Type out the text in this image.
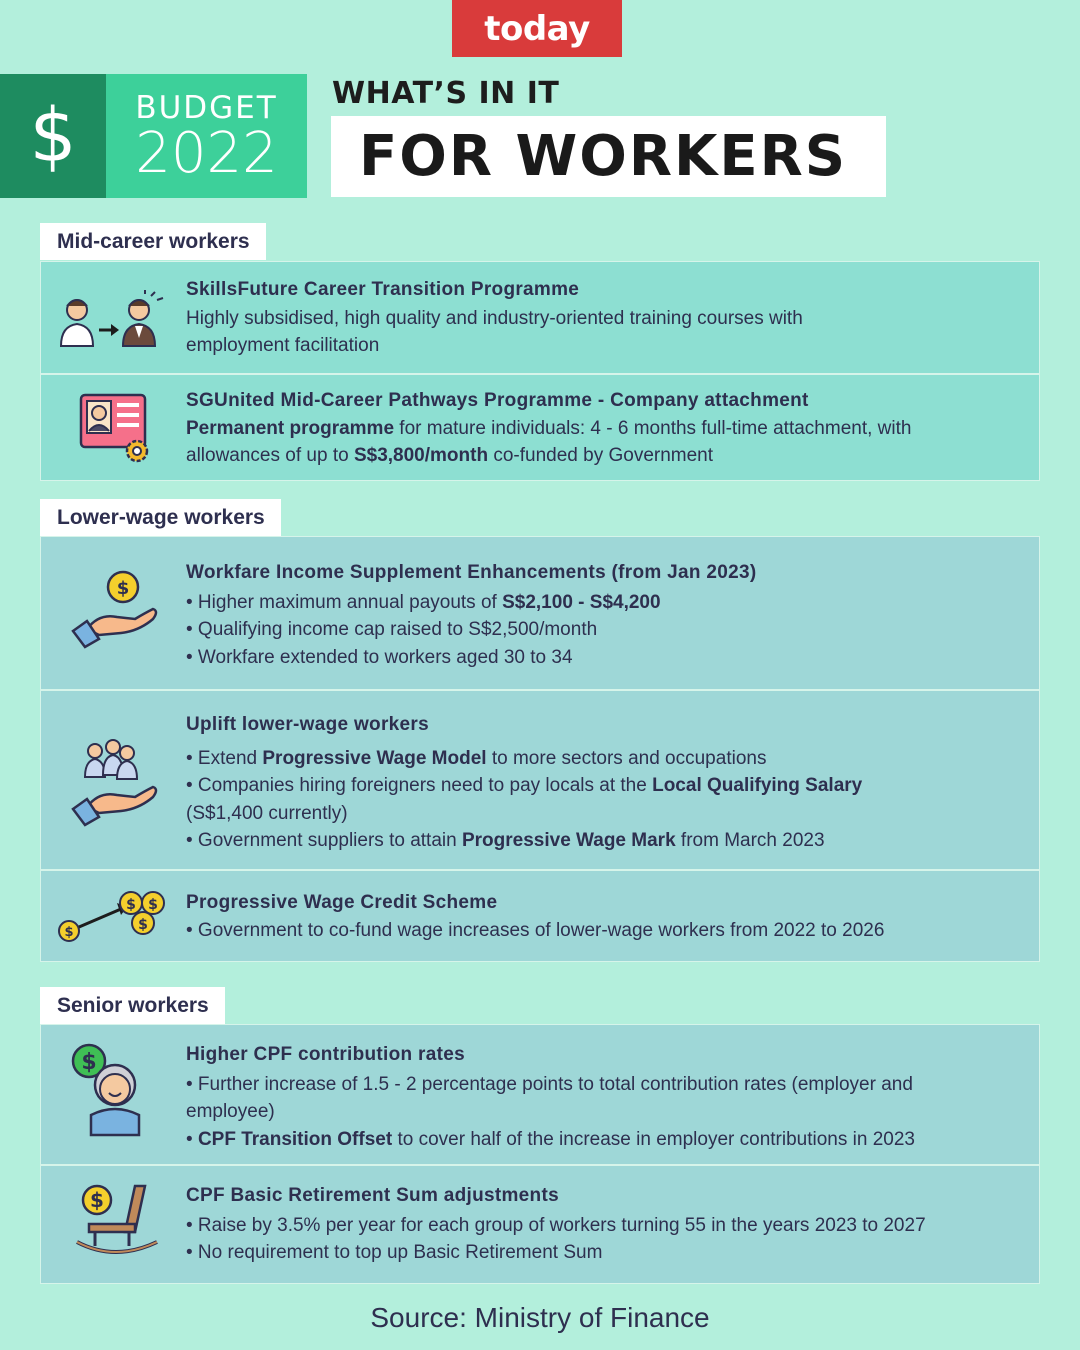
today
$	BUDGET
2022
WHAT’S IN IT
FOR WORKERS
Mid-career workers
SkillsFuture Career Transition Programme
Highly subsidised, high quality and industry-oriented training courses with
employment facilitation
SGUnited Mid-Career Pathways Programme - Company attachment
Permanent programme for mature individuals: 4 - 6 months full-time attachment, with
allowances of up to S$3,800/month co-funded by Government
Lower-wage workers
$
Workfare Income Supplement Enhancements (from Jan 2023)
• Higher maximum annual payouts of S$2,100 - S$4,200
• Qualifying income cap raised to S$2,500/month
• Workfare extended to workers aged 30 to 34
Uplift lower-wage workers
• Extend Progressive Wage Model to more sectors and occupations
• Companies hiring foreigners need to pay locals at the Local Qualifying Salary
(S$1,400 currently)
• Government suppliers to attain Progressive Wage Mark from March 2023
$
$ $
$
Progressive Wage Credit Scheme
• Government to co-fund wage increases of lower-wage workers from 2022 to 2026
Senior workers
$	Higher CPF contribution rates
• Further increase of 1.5 - 2 percentage points to total contribution rates (employer and
employee)
• CPF Transition Offset to cover half of the increase in employer contributions in 2023
$	CPF Basic Retirement Sum adjustments
• Raise by 3.5% per year for each group of workers turning 55 in the years 2023 to 2027
• No requirement to top up Basic Retirement Sum
Source: Ministry of Finance
